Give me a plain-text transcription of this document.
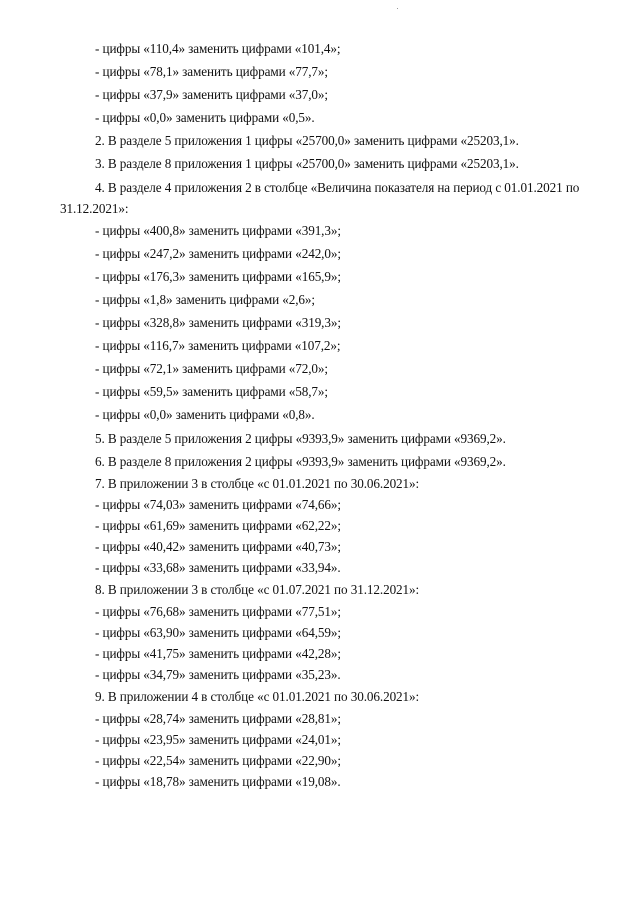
- цифры «110,4» заменить цифрами «101,4»;
- цифры «78,1» заменить цифрами «77,7»;
- цифры «37,9» заменить цифрами «37,0»;
- цифры «0,0» заменить цифрами «0,5».
2. В разделе 5 приложения 1 цифры «25700,0» заменить цифрами «25203,1».
3. В разделе 8 приложения 1 цифры «25700,0» заменить цифрами «25203,1».
4. В разделе 4 приложения 2 в столбце «Величина показателя на период с 01.01.2021 по
31.12.2021»:
- цифры «400,8» заменить цифрами «391,3»;
- цифры «247,2» заменить цифрами «242,0»;
- цифры «176,3» заменить цифрами «165,9»;
- цифры «1,8» заменить цифрами «2,6»;
- цифры «328,8» заменить цифрами «319,3»;
- цифры «116,7» заменить цифрами «107,2»;
- цифры «72,1» заменить цифрами «72,0»;
- цифры «59,5» заменить цифрами «58,7»;
- цифры «0,0» заменить цифрами «0,8».
5. В разделе 5 приложения 2 цифры «9393,9» заменить цифрами «9369,2».
6. В разделе 8 приложения 2 цифры «9393,9» заменить цифрами «9369,2».
7. В приложении 3 в столбце «с 01.01.2021 по 30.06.2021»:
- цифры «74,03» заменить цифрами «74,66»;
- цифры «61,69» заменить цифрами «62,22»;
- цифры «40,42» заменить цифрами «40,73»;
- цифры «33,68» заменить цифрами «33,94».
8. В приложении 3 в столбце «с 01.07.2021 по 31.12.2021»:
- цифры «76,68» заменить цифрами «77,51»;
- цифры «63,90» заменить цифрами «64,59»;
- цифры «41,75» заменить цифрами «42,28»;
- цифры «34,79» заменить цифрами «35,23».
9. В приложении 4 в столбце «с 01.01.2021 по 30.06.2021»:
- цифры «28,74» заменить цифрами «28,81»;
- цифры «23,95» заменить цифрами «24,01»;
- цифры «22,54» заменить цифрами «22,90»;
- цифры «18,78» заменить цифрами «19,08».
